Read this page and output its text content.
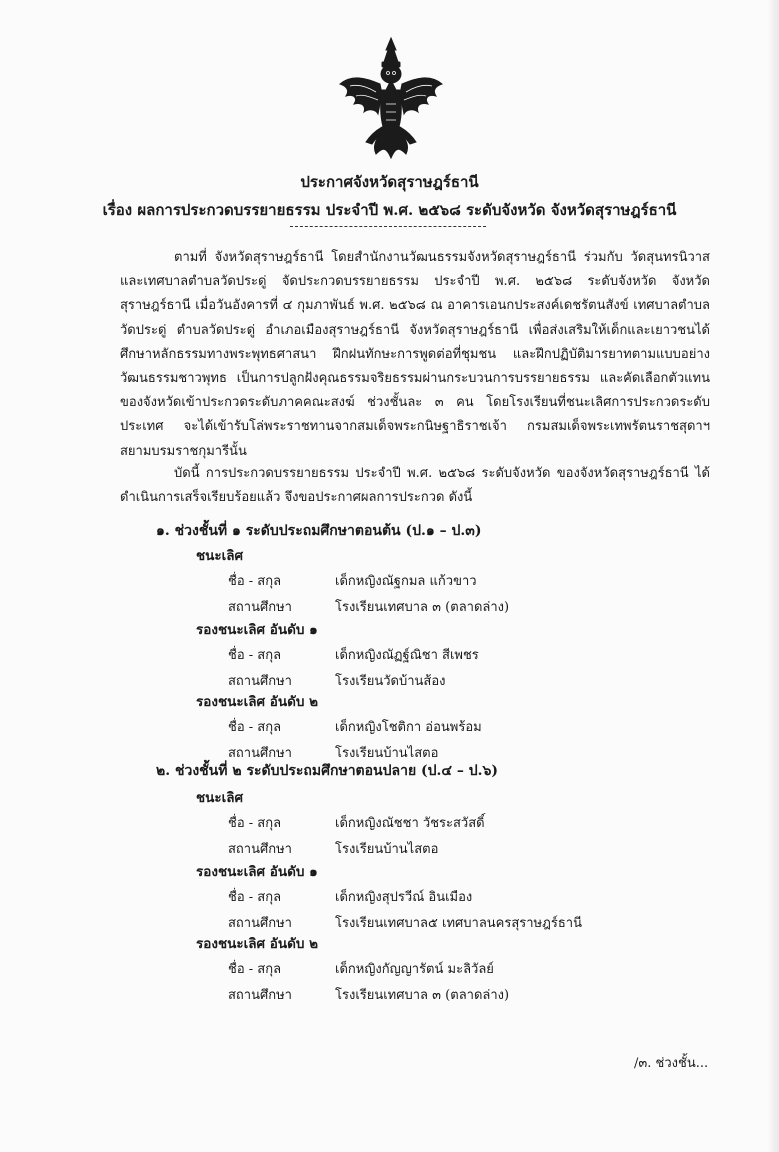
ประกาศจังหวัดสุราษฎร์ธานี
เรื่อง ผลการประกวดบรรยายธรรม ประจำปี พ.ศ. ๒๕๖๘ ระดับจังหวัด จังหวัดสุราษฎร์ธานี
ตามที่ จังหวัดสุราษฎร์ธานี โดยสำนักงานวัฒนธรรมจังหวัดสุราษฎร์ธานี ร่วมกับ วัดสุนทรนิวาส และเทศบาลตำบลวัดประดู่ จัดประกวดบรรยายธรรม ประจำปี พ.ศ. ๒๕๖๘ ระดับจังหวัด จังหวัดสุราษฎร์ธานี เมื่อวันอังคารที่ ๔ กุมภาพันธ์ พ.ศ. ๒๕๖๘ ณ อาคารเอนกประสงค์เดชรัตนสังข์ เทศบาลตำบลวัดประดู่ ตำบลวัดประดู่ อำเภอเมืองสุราษฎร์ธานี จังหวัดสุราษฎร์ธานี เพื่อส่งเสริมให้เด็กและเยาวชนได้ศึกษาหลักธรรมทางพระพุทธศาสนา ฝึกฝนทักษะการพูดต่อที่ชุมชน และฝึกปฏิบัติมารยาทตามแบบอย่างวัฒนธรรมชาวพุทธ เป็นการปลูกฝังคุณธรรมจริยธรรมผ่านกระบวนการบรรยายธรรม และคัดเลือกตัวแทนของจังหวัดเข้าประกวดระดับภาคคณะสงฆ์ ช่วงชั้นละ ๓ คน โดยโรงเรียนที่ชนะเลิศการประกวดระดับประเทศ จะได้เข้ารับโล่พระราชทานจากสมเด็จพระกนิษฐาธิราชเจ้า กรมสมเด็จพระเทพรัตนราชสุดาฯ สยามบรมราชกุมารีนั้น
บัดนี้ การประกวดบรรยายธรรม ประจำปี พ.ศ. ๒๕๖๘ ระดับจังหวัด ของจังหวัดสุราษฎร์ธานี ได้ดำเนินการเสร็จเรียบร้อยแล้ว จึงขอประกาศผลการประกวด ดังนี้
๑. ช่วงชั้นที่ ๑ ระดับประถมศึกษาตอนต้น (ป.๑ – ป.๓)
ชนะเลิศ
ชื่อ - สกุล	เด็กหญิงณัฐกมล แก้วขาว
สถานศึกษา	โรงเรียนเทศบาล ๓ (ตลาดล่าง)
รองชนะเลิศ อันดับ ๑
ชื่อ - สกุล	เด็กหญิงณัฏฐ์ณิชา สีเพชร
สถานศึกษา	โรงเรียนวัดบ้านส้อง
รองชนะเลิศ อันดับ ๒
ชื่อ - สกุล	เด็กหญิงโชติกา อ่อนพร้อม
สถานศึกษา	โรงเรียนบ้านไสตอ
๒. ช่วงชั้นที่ ๒ ระดับประถมศึกษาตอนปลาย (ป.๔ – ป.๖)
ชนะเลิศ
ชื่อ - สกุล	เด็กหญิงณัชชา วัชระสวัสดิ์
สถานศึกษา	โรงเรียนบ้านไสตอ
รองชนะเลิศ อันดับ ๑
ชื่อ - สกุล	เด็กหญิงสุปรวีณ์ อินเมือง
สถานศึกษา	โรงเรียนเทศบาล๕ เทศบาลนครสุราษฎร์ธานี
รองชนะเลิศ อันดับ ๒
ชื่อ - สกุล	เด็กหญิงกัญญารัตน์ มะลิวัลย์
สถานศึกษา	โรงเรียนเทศบาล ๓ (ตลาดล่าง)
/๓. ช่วงชั้น...
